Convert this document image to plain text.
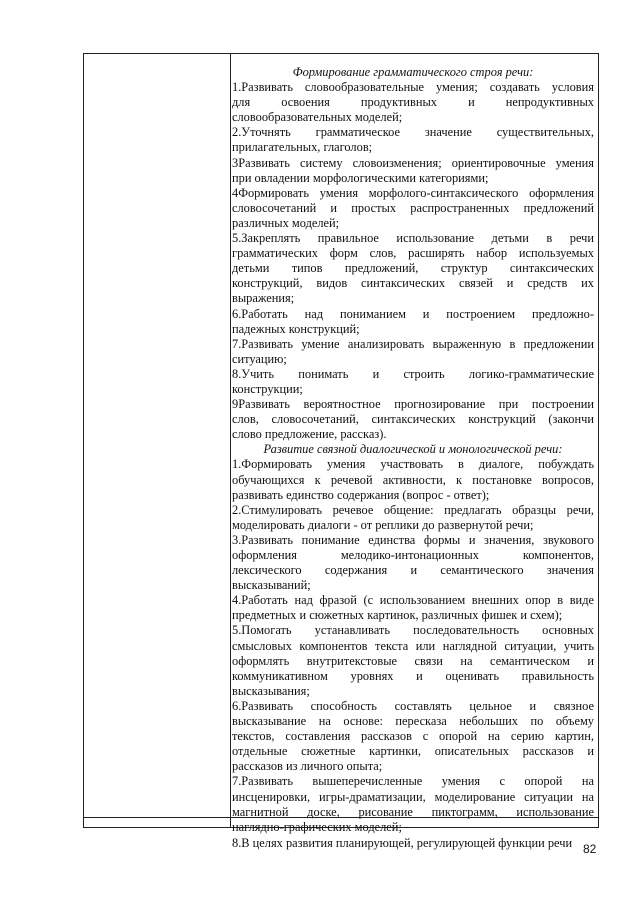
Формирование грамматического строя речи:
1.Развивать словообразовательные умения; создавать условия
для освоения продуктивных и непродуктивных
словообразовательных моделей;
2.Уточнять грамматическое значение существительных,
прилагательных, глаголов;
3Развивать систему словоизменения; ориентировочные умения
при овладении морфологическими категориями;
4Формировать умения морфолого-синтаксического оформления
словосочетаний и простых распространенных предложений
различных моделей;
5.Закреплять правильное использование детьми в речи
грамматических форм слов, расширять набор используемых
детьми типов предложений, структур синтаксических
конструкций, видов синтаксических связей и средств их
выражения;
6.Работать над пониманием и построением предложно-
падежных конструкций;
7.Развивать умение анализировать выраженную в предложении
ситуацию;
8.Учить понимать и строить логико-грамматические
конструкции;
9Развивать вероятностное прогнозирование при построении
слов, словосочетаний, синтаксических конструкций (закончи
слово предложение, рассказ).
Развитие связной диалогической и монологической речи:
1.Формировать умения участвовать в диалоге, побуждать
обучающихся к речевой активности, к постановке вопросов,
развивать единство содержания (вопрос - ответ);
2.Стимулировать речевое общение: предлагать образцы речи,
моделировать диалоги - от реплики до развернутой речи;
3.Развивать понимание единства формы и значения, звукового
оформления мелодико-интонационных компонентов,
лексического содержания и семантического значения
высказываний;
4.Работать над фразой (с использованием внешних опор в виде
предметных и сюжетных картинок, различных фишек и схем);
5.Помогать устанавливать последовательность основных
смысловых компонентов текста или наглядной ситуации, учить
оформлять внутритекстовые связи на семантическом и
коммуникативном уровнях и оценивать правильность
высказывания;
6.Развивать способность составлять цельное и связное
высказывание на основе: пересказа небольших по объему
текстов, составления рассказов с опорой на серию картин,
отдельные сюжетные картинки, описательных рассказов и
рассказов из личного опыта;
7.Развивать вышеперечисленные умения с опорой на
инсценировки, игры-драматизации, моделирование ситуации на
магнитной доске, рисование пиктограмм, использование
наглядно-графических моделей;
8.В целях развития планирующей, регулирующей функции речи 82
